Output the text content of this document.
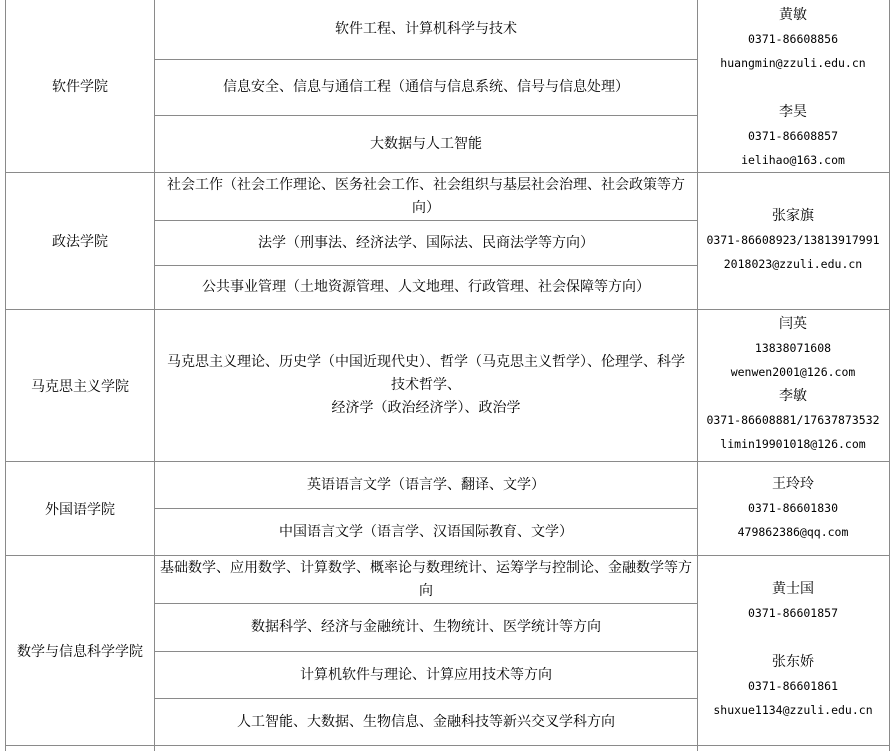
软件学院
软件工程、计算机科学与技术
信息安全、信息与通信工程（通信与信息系统、信号与信息处理）
大数据与人工智能
黄敏
0371-86608856
huangmin@zzuli.edu.cn
李昊
0371-86608857
ielihao@163.com
政法学院
社会工作（社会工作理论、医务社会工作、社会组织与基层社会治理、社会政策等方向）
法学（刑事法、经济法学、国际法、民商法学等方向）
公共事业管理（土地资源管理、人文地理、行政管理、社会保障等方向）
张家旗
0371-86608923/13813917991
2018023@zzuli.edu.cn
马克思主义学院
马克思主义理论、历史学（中国近现代史）、哲学（马克思主义哲学）、伦理学、科学
技术哲学、
经济学（政治经济学）、政治学
闫英
13838071608
wenwen2001@126.com
李敏
0371-86608881/17637873532
limin19901018@126.com
外国语学院
英语语言文学（语言学、翻译、文学）
中国语言文学（语言学、汉语国际教育、文学）
王玲玲
0371-86601830
479862386@qq.com
数学与信息科学学院
基础数学、应用数学、计算数学、概率论与数理统计、运筹学与控制论、金融数学等方向
数据科学、经济与金融统计、生物统计、医学统计等方向
计算机软件与理论、计算应用技术等方向
人工智能、大数据、生物信息、金融科技等新兴交叉学科方向
黄士国
0371-86601857
张东娇
0371-86601861
shuxue1134@zzuli.edu.cn
